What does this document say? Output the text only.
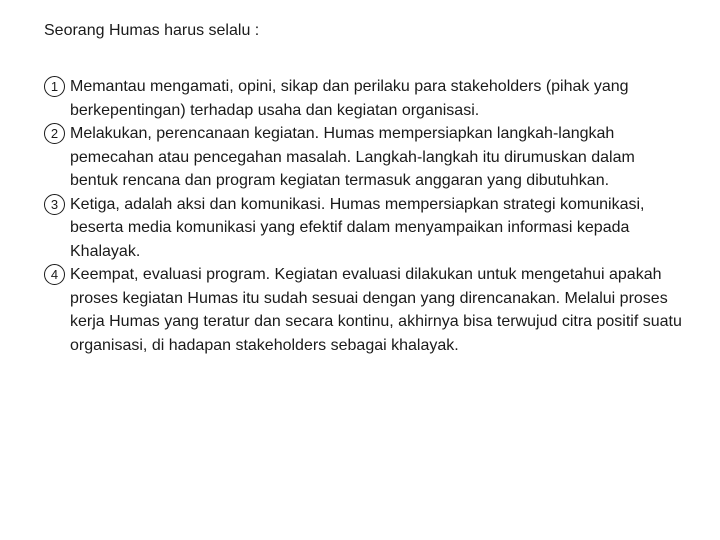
Seorang Humas harus selalu :
1 Memantau mengamati, opini, sikap dan perilaku para stakeholders (pihak yang berkepentingan) terhadap usaha dan kegiatan organisasi.
2 Melakukan, perencanaan kegiatan. Humas mempersiapkan langkah-langkah pemecahan atau pencegahan masalah. Langkah-langkah itu dirumuskan dalam bentuk rencana dan program kegiatan termasuk anggaran yang dibutuhkan.
3 Ketiga, adalah aksi dan komunikasi. Humas mempersiapkan strategi komunikasi, beserta media komunikasi yang efektif dalam menyampaikan informasi kepada Khalayak.
4 Keempat, evaluasi program. Kegiatan evaluasi dilakukan untuk mengetahui apakah proses kegiatan Humas itu sudah sesuai dengan yang direncanakan. Melalui proses kerja Humas yang teratur dan secara kontinu, akhirnya bisa terwujud citra positif suatu organisasi, di hadapan stakeholders sebagai khalayak.
